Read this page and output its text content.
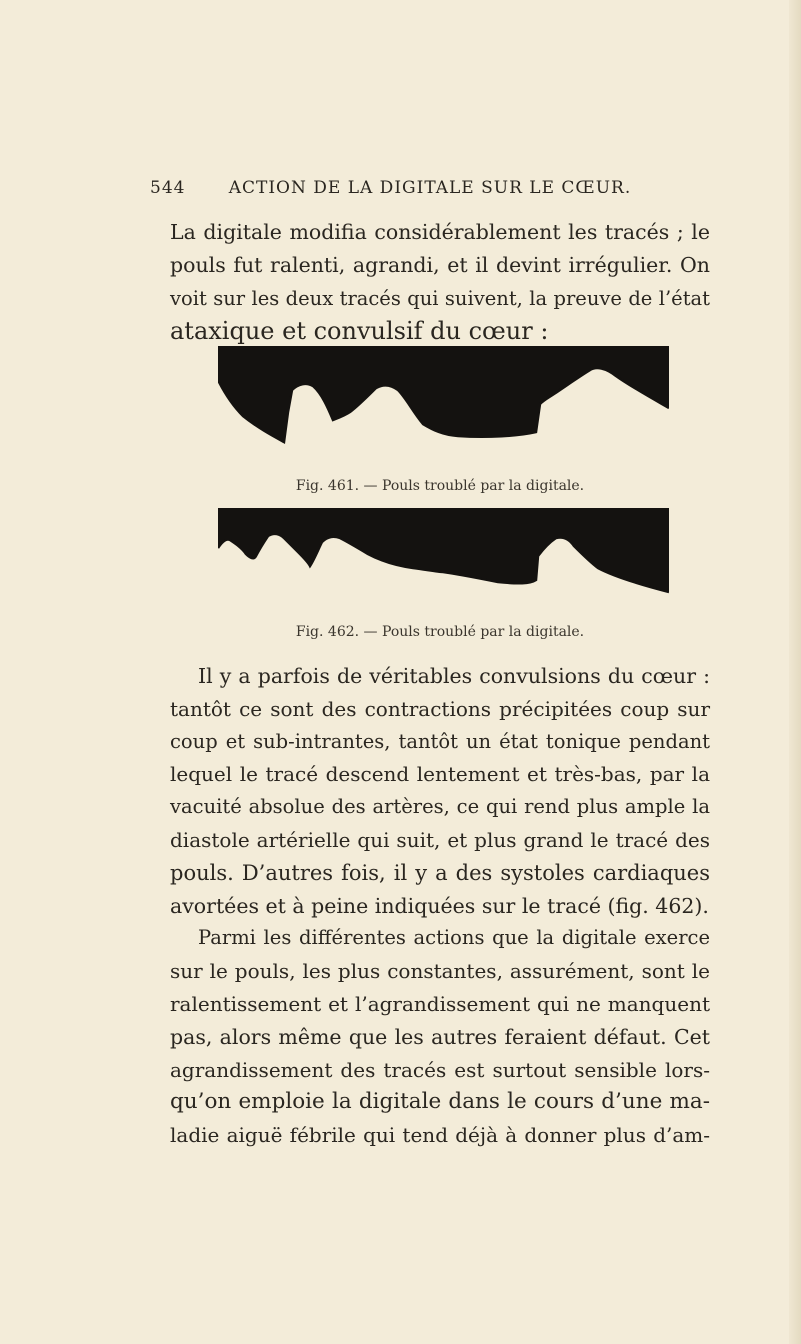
544	ACTION DE LA DIGITALE SUR LE CŒUR.

La digitale modifia considérablement les tracés ; le
pouls fut ralenti, agrandi, et il devint irrégulier. On
voit sur les deux tracés qui suivent, la preuve de l’état
ataxique et convulsif du cœur :

Fig. 461. — Pouls troublé par la digitale.
Fig. 462. — Pouls troublé par la digitale.

Il y a parfois de véritables convulsions du cœur :
tantôt ce sont des contractions précipitées coup sur
coup et sub-intrantes, tantôt un état tonique pendant
lequel le tracé descend lentement et très-bas, par la
vacuité absolue des artères, ce qui rend plus ample la
diastole artérielle qui suit, et plus grand le tracé des
pouls. D’autres fois, il y a des systoles cardiaques
avortées et à peine indiquées sur le tracé (fig. 462).
Parmi les différentes actions que la digitale exerce
sur le pouls, les plus constantes, assurément, sont le
ralentissement et l’agrandissement qui ne manquent
pas, alors même que les autres feraient défaut. Cet
agrandissement des tracés est surtout sensible lors-
qu’on emploie la digitale dans le cours d’une ma-
ladie aiguë fébrile qui tend déjà à donner plus d’am-
